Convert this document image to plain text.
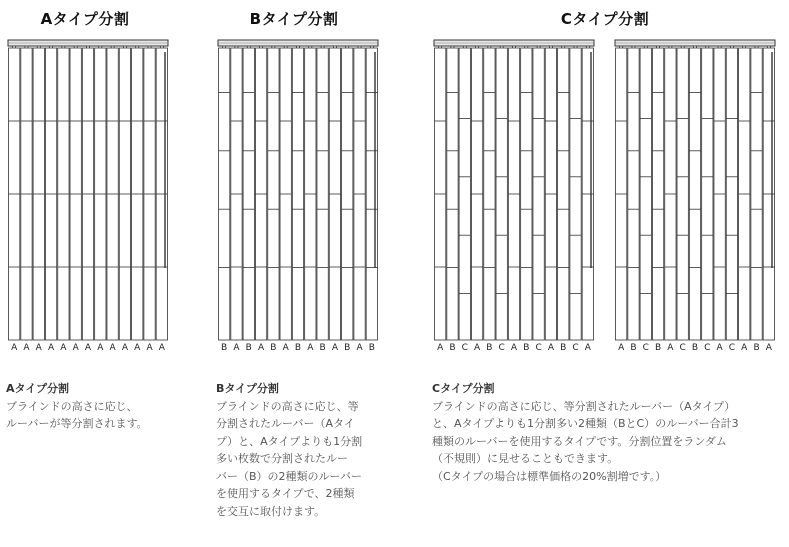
Aタイプ分割	Bタイプ分割	Cタイプ分割
A A A A A A A A A A A A A	B A B A B A B A B A B A B	A B C A B C A B C A B C A	A B C B A C B C A C A B A
Aタイプ分割
ブラインドの高さに応じ、
ルーバーが等分割されます。
Bタイプ分割
ブラインドの高さに応じ、等
分割されたルーバー（Aタイ
プ）と、Aタイプよりも1分割
多い枚数で分割されたルー
バー（B）の2種類のルーバー
を使用するタイプで、2種類
を交互に取付けます。
Cタイプ分割
ブラインドの高さに応じ、等分割されたルーバー（Aタイプ）
と、Aタイプよりも1分割多い2種類（BとC）のルーバー合計3
種類のルーバーを使用するタイプです。分割位置をランダム
（不規則）に見せることもできます。
（Cタイプの場合は標準価格の20%割増です。）
